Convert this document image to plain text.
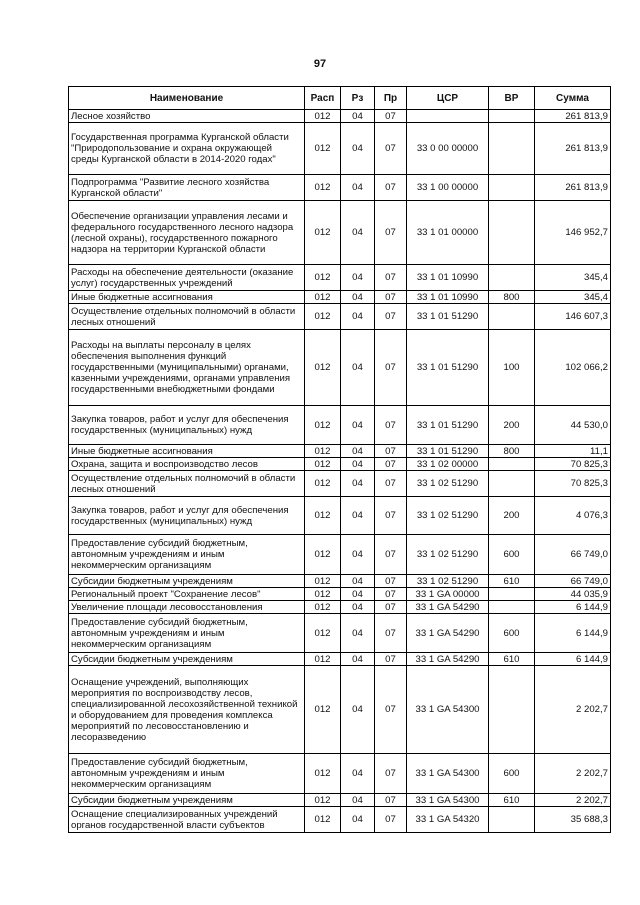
97
Наименование	Расп	Рз	Пр	ЦСР	ВР	Сумма
Лесное хозяйство	012	04	07			261 813,9
Государственная программа Курганской области "Природопользование и охрана окружающей среды Курганской области в 2014-2020 годах"	012	04	07	33 0 00 00000		261 813,9
Подпрограмма "Развитие лесного хозяйства Курганской области"	012	04	07	33 1 00 00000		261 813,9
Обеспечение организации управления лесами и федерального государственного лесного надзора (лесной охраны), государственного пожарного надзора на территории Курганской области	012	04	07	33 1 01 00000		146 952,7
Расходы на обеспечение деятельности (оказание услуг) государственных учреждений	012	04	07	33 1 01 10990		345,4
Иные бюджетные ассигнования	012	04	07	33 1 01 10990	800	345,4
Осуществление отдельных полномочий в области лесных отношений	012	04	07	33 1 01 51290		146 607,3
Расходы на выплаты персоналу в целях обеспечения выполнения функций государственными (муниципальными) органами, казенными учреждениями, органами управления государственными внебюджетными фондами	012	04	07	33 1 01 51290	100	102 066,2
Закупка товаров, работ и услуг для обеспечения государственных (муниципальных) нужд	012	04	07	33 1 01 51290	200	44 530,0
Иные бюджетные ассигнования	012	04	07	33 1 01 51290	800	11,1
Охрана, защита и воспроизводство лесов	012	04	07	33 1 02 00000		70 825,3
Осуществление отдельных полномочий в области лесных отношений	012	04	07	33 1 02 51290		70 825,3
Закупка товаров, работ и услуг для обеспечения государственных (муниципальных) нужд	012	04	07	33 1 02 51290	200	4 076,3
Предоставление субсидий бюджетным, автономным учреждениям и иным некоммерческим организациям	012	04	07	33 1 02 51290	600	66 749,0
Субсидии бюджетным учреждениям	012	04	07	33 1 02 51290	610	66 749,0
Региональный проект "Сохранение лесов"	012	04	07	33 1 GA 00000		44 035,9
Увеличение площади лесовосстановления	012	04	07	33 1 GA 54290		6 144,9
Предоставление субсидий бюджетным, автономным учреждениям и иным некоммерческим организациям	012	04	07	33 1 GA 54290	600	6 144,9
Субсидии бюджетным учреждениям	012	04	07	33 1 GA 54290	610	6 144,9
Оснащение учреждений, выполняющих мероприятия по воспроизводству лесов, специализированной лесохозяйственной техникой и оборудованием для проведения комплекса мероприятий по лесовосстановлению и лесоразведению	012	04	07	33 1 GA 54300		2 202,7
Предоставление субсидий бюджетным, автономным учреждениям и иным некоммерческим организациям	012	04	07	33 1 GA 54300	600	2 202,7
Субсидии бюджетным учреждениям	012	04	07	33 1 GA 54300	610	2 202,7
Оснащение специализированных учреждений органов государственной власти субъектов	012	04	07	33 1 GA 54320		35 688,3
